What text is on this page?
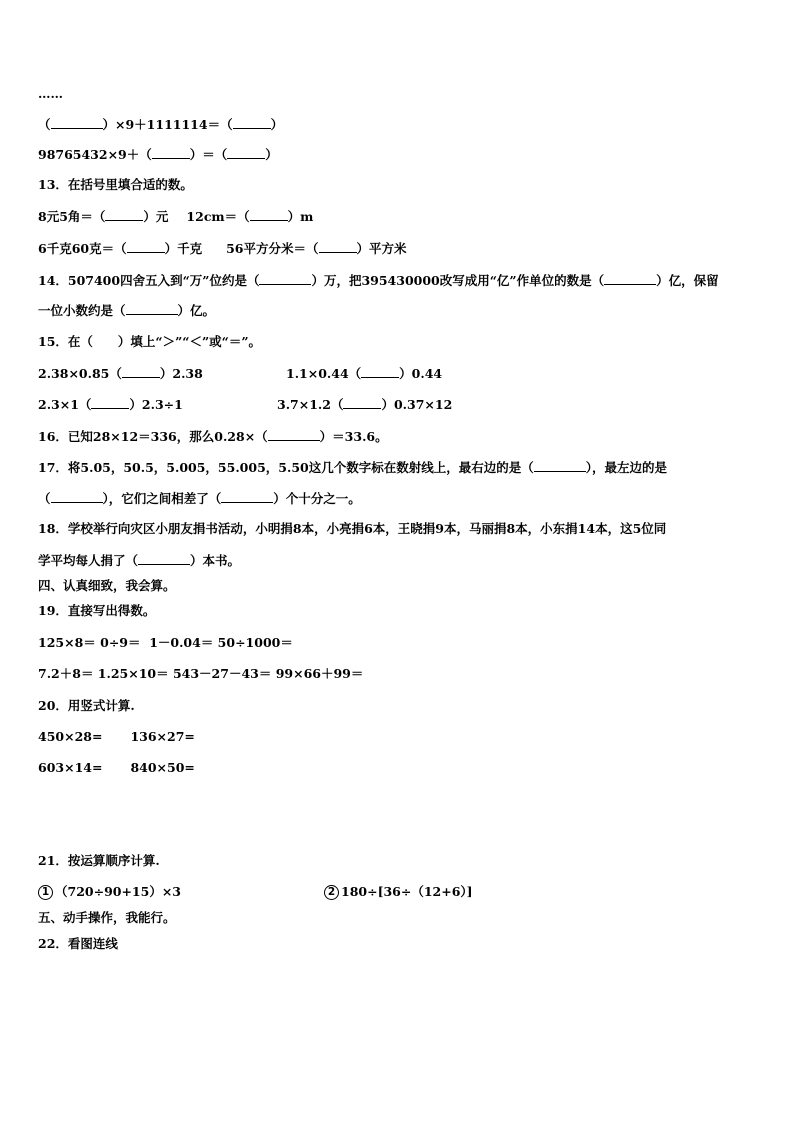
……
（	）×9＋1111114＝（	）
98765432×9＋（	）＝（	）
13．在括号里填合适的数。
8元5角＝（	）元 12cm＝（	）m
6千克60克＝（	）千克 56平方分米＝（	）平方米
14．507400四舍五入到“万”位约是（	）万，把395430000改写成用“亿”作单位的数是（	）亿，保留
一位小数约是（	）亿。
15．在（　　）填上“＞”“＜”或“＝”。
2.38×0.85（	）2.38	1.1×0.44（	）0.44
2.3×1（	）2.3÷1	3.7×1.2（	）0.37×12
16．已知28×12＝336，那么0.28×（	）＝33.6。
17．将5.05，50.5，5.005，55.005，5.50这几个数字标在数射线上，最右边的是（	），最左边的是
（	），它们之间相差了（	）个十分之一。
18．学校举行向灾区小朋友捐书活动，小明捐8本，小亮捐6本，王晓捐9本，马丽捐8本，小东捐14本，这5位同
学平均每人捐了（	）本书。
四、认真细致，我会算。
19．直接写出得数。
125×8＝ 0÷9＝  1－0.04＝ 50÷1000＝
7.2＋8＝ 1.25×10＝ 543－27－43＝ 99×66＋99＝
20．用竖式计算.
450×28= 136×27=
603×14= 840×50=
21．按运算顺序计算.
1 （720÷90+15）×3	2 180÷[36÷（12+6）]
五、动手操作，我能行。
22．看图连线
